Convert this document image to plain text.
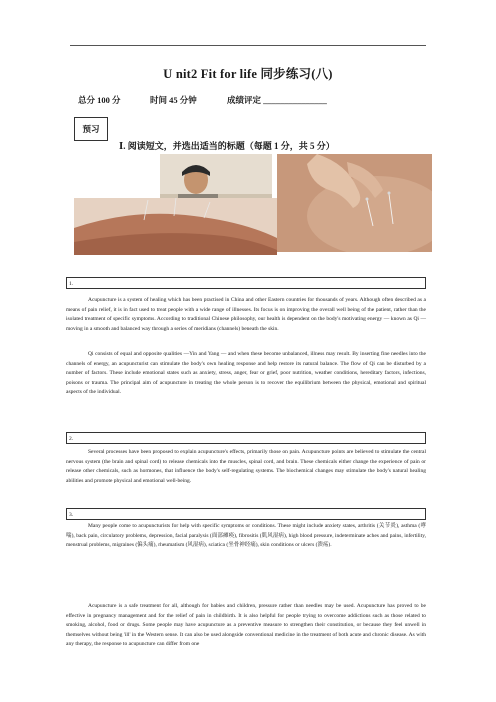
U nit2 Fit for life 同步练习(八)
总分 100 分	时间 45 分钟	成绩评定 _______________
预习
Ⅰ. 阅读短文，并选出适当的标题（每题 1 分，共 5 分）
1.
2.
3.

Acupuncture is a system of healing which has been practised in China and other Eastern countries for thousands of years. Although often described as a means of pain relief, it is in fact used to treat people with a wide range of illnesses. Its focus is on improving the overall well being of the patient, rather than the isolated treatment of specific symptoms. According to traditional Chinese philosophy, our health is dependent on the body's motivating energy — known as Qi —moving in a smooth and balanced way through a series of meridians (channels) beneath the skin.

Qi consists of equal and opposite qualities —Yin and Yang — and when these become unbalanced, illness may result. By inserting fine needles into the channels of energy, an acupuncturist can stimulate the body's own healing response and help restore its natural balance. The flow of Qi can be disturbed by a number of factors. These include emotional states such as anxiety, stress, anger, fear or grief, poor nutrition, weather conditions, hereditary factors, infections, poisons or trauma. The principal aim of acupuncture in treating the whole person is to recover the equilibrium between the physical, emotional and spiritual aspects of the individual.

Several processes have been proposed to explain acupuncture's effects, primarily those on pain. Acupuncture points are believed to stimulate the central nervous system (the brain and spinal cord) to release chemicals into the muscles, spinal cord, and brain. These chemicals either change the experience of pain or release other chemicals, such as hormones, that influence the body's self-regulating systems. The biochemical changes may stimulate the body's natural healing abilities and promote physical and emotional well-being.

Many people come to acupuncturists for help with specific symptoms or conditions. These might include anxiety states, arthritis (关节炎), asthma (哮喘), back pain, circulatory problems, depression, facial paralysis (面部瘫痪), fibrositis (肌风湿病), high blood pressure, indeterminate aches and pains, infertility, menstrual problems, migraines (偏头痛), rheumatism (风湿病), sciatica (坐骨神经痛), skin conditions or ulcers (溃疡).

Acupuncture is a safe treatment for all, although for babies and children, pressure rather than needles may be used. Acupuncture has proved to be effective in pregnancy management and for the relief of pain in childbirth. It is also helpful for people trying to overcome addictions such as those related to smoking, alcohol, food or drugs. Some people may have acupuncture as a preventive measure to strengthen their constitution, or because they feel unwell in themselves without being 'ill' in the Western sense. It can also be used alongside conventional medicine in the treatment of both acute and chronic disease. As with any therapy, the response to acupuncture can differ from one
